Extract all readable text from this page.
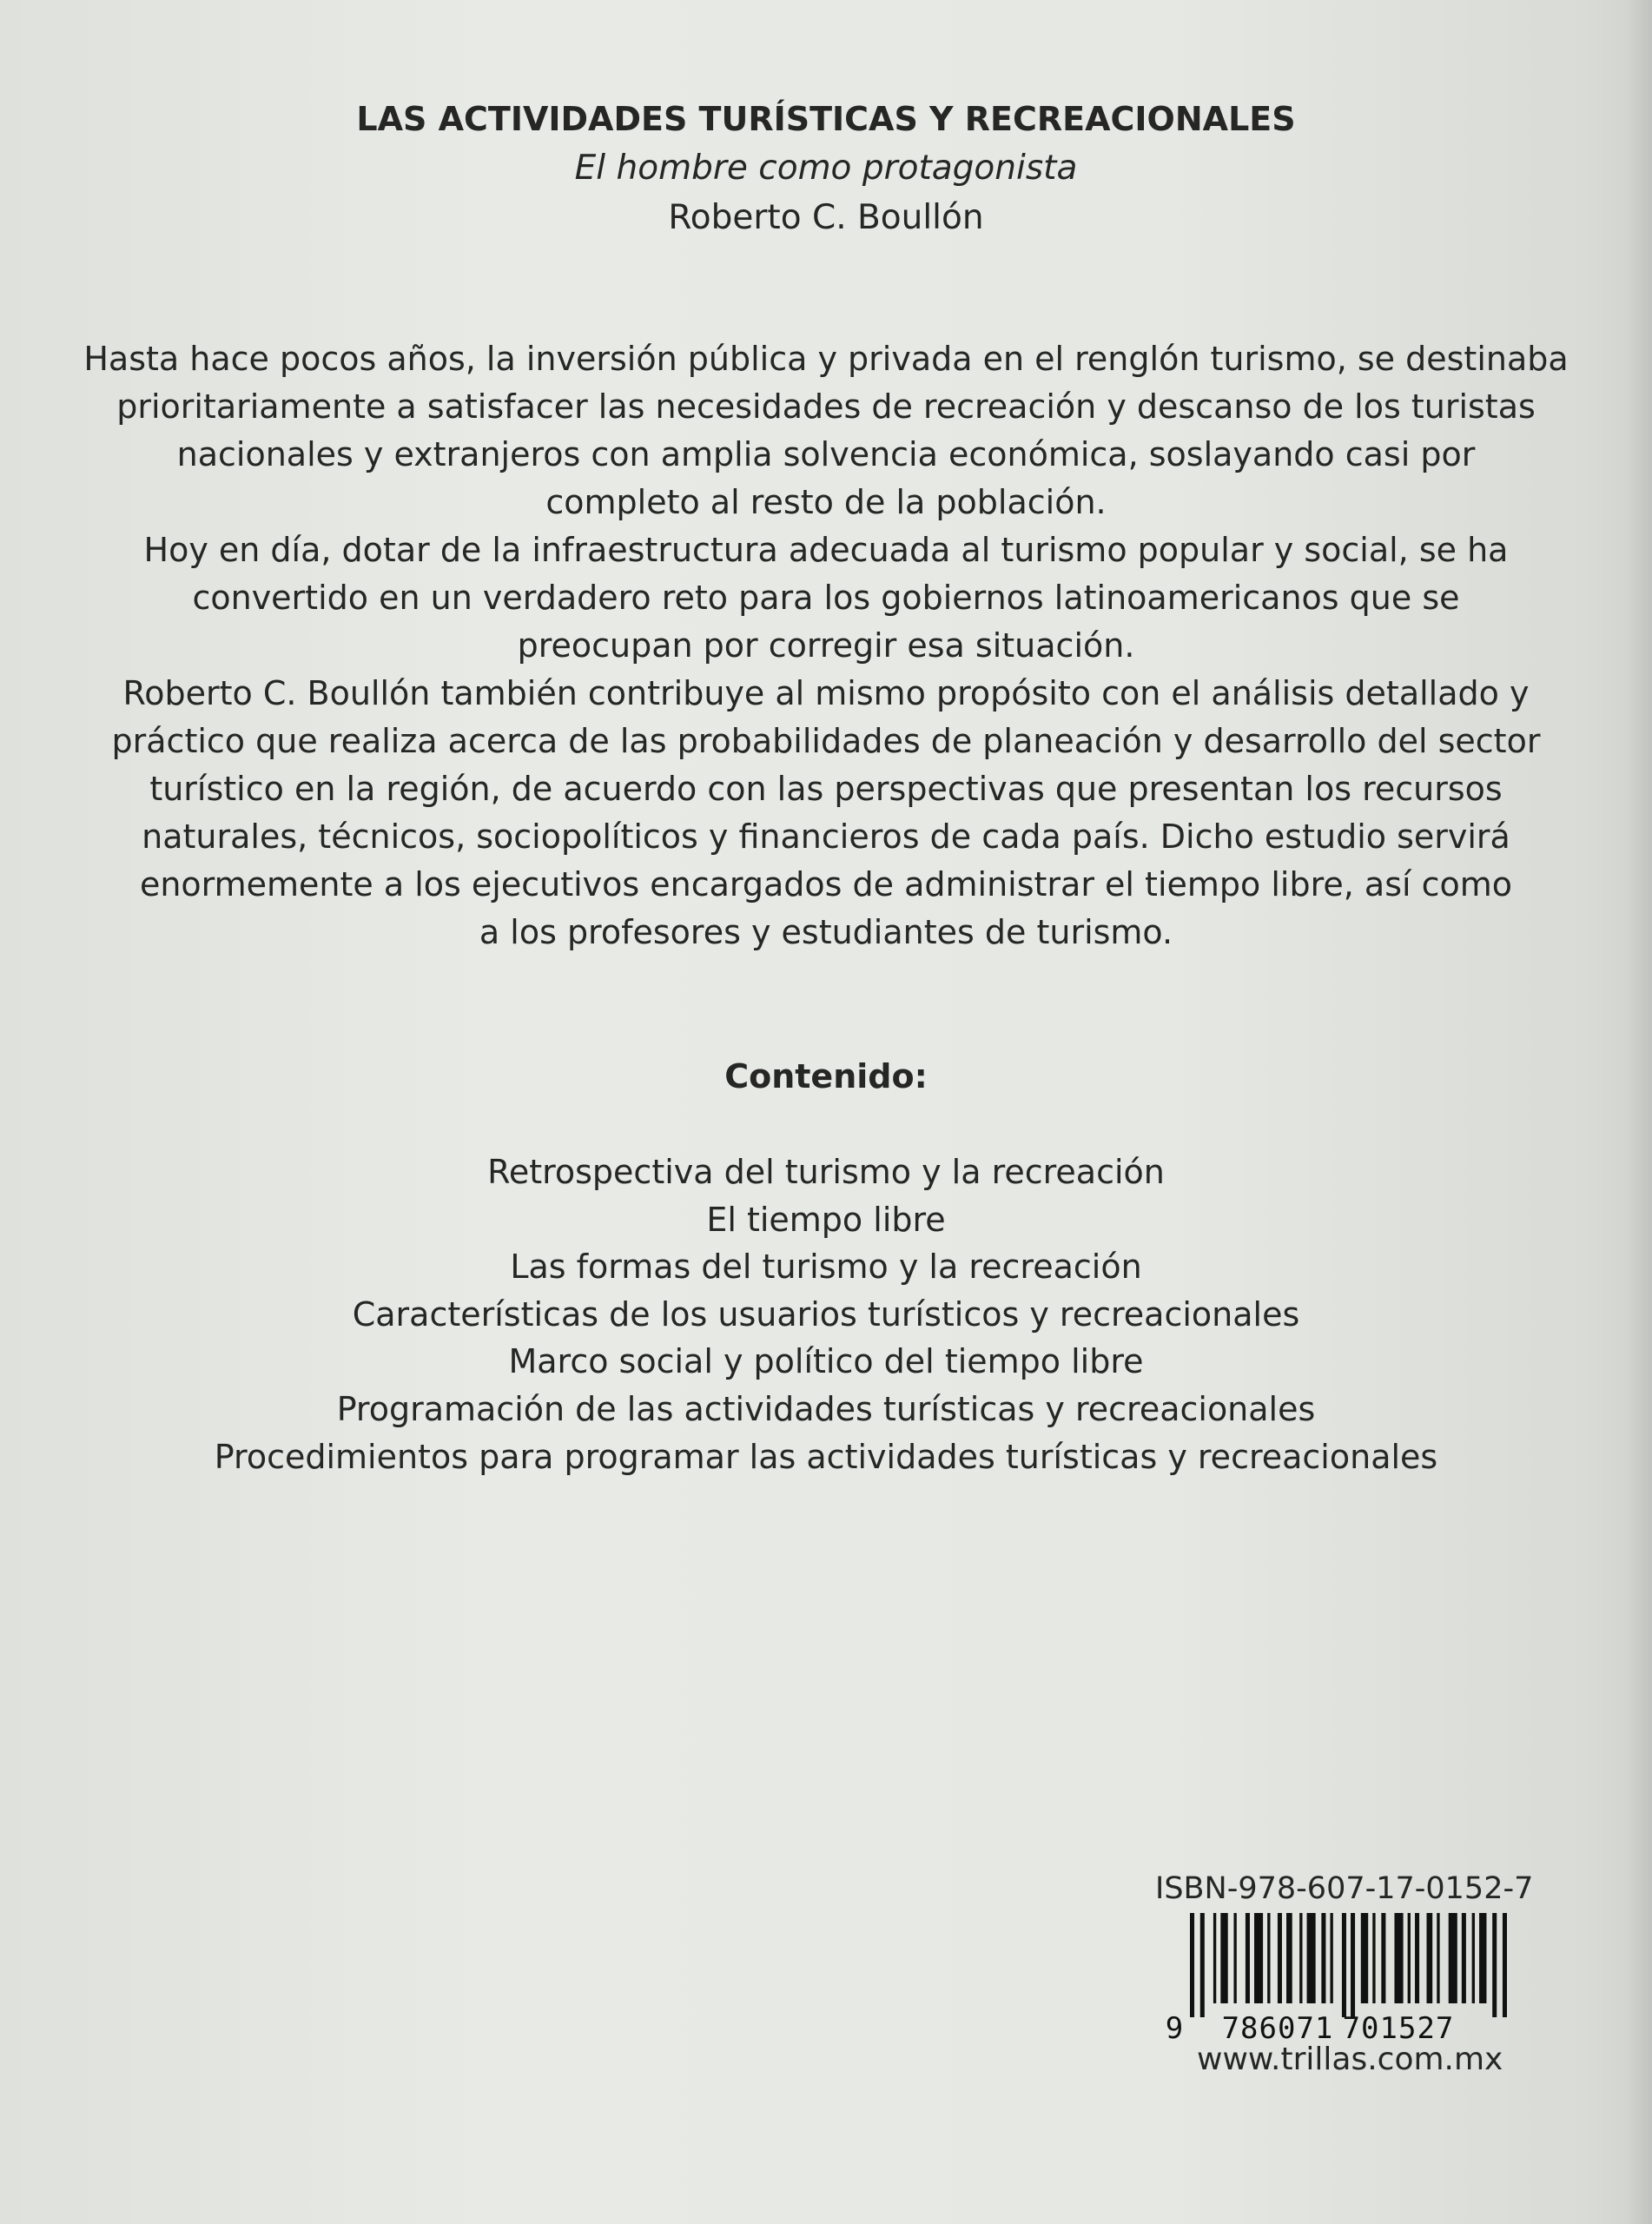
LAS ACTIVIDADES TURÍSTICAS Y RECREACIONALES
El hombre como protagonista
Roberto C. Boullón

Hasta hace pocos años, la inversión pública y privada en el renglón turismo, se destinaba

prioritariamente a satisfacer las necesidades de recreación y descanso de los turistas

nacionales y extranjeros con amplia solvencia económica, soslayando casi por

completo al resto de la población.

Hoy en día, dotar de la infraestructura adecuada al turismo popular y social, se ha

convertido en un verdadero reto para los gobiernos latinoamericanos que se

preocupan por corregir esa situación.

Roberto C. Boullón también contribuye al mismo propósito con el análisis detallado y

práctico que realiza acerca de las probabilidades de planeación y desarrollo del sector

turístico en la región, de acuerdo con las perspectivas que presentan los recursos

naturales, técnicos, sociopolíticos y financieros de cada país. Dicho estudio servirá

enormemente a los ejecutivos encargados de administrar el tiempo libre, así como

a los profesores y estudiantes de turismo.

Contenido:
Retrospectiva del turismo y la recreación
El tiempo libre
Las formas del turismo y la recreación
Características de los usuarios turísticos y recreacionales
Marco social y político del tiempo libre
Programación de las actividades turísticas y recreacionales
Procedimientos para programar las actividades turísticas y recreacionales
ISBN-978-607-17-0152-7
9 786071 701527
www.trillas.com.mx
